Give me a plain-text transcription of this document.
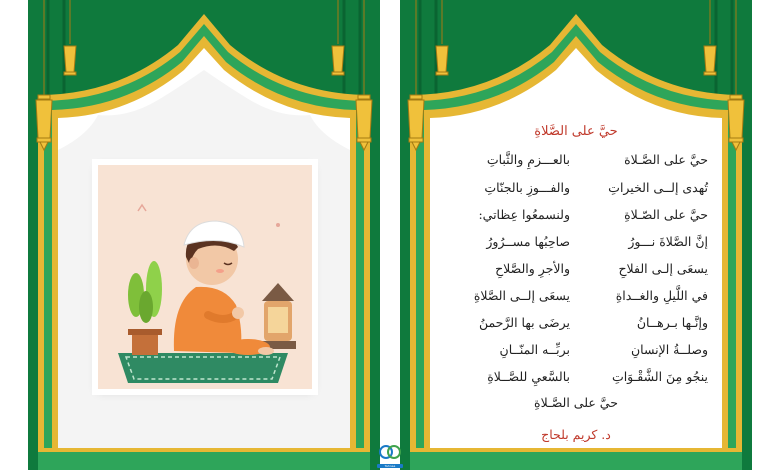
حيَّ على الصَّلاةِ
حيَّ على الصَّـلاة
بالعـــزمِ والثَّباتِ
تُهدى إلــى الخيراتِ
والفـــوزِ بالجنّاتِ
حيَّ على الصّـلاةِ
ولنسمعُوا عِظاتي:
إنَّ الصَّلاةَ نـــورُ
صاحِبُها مســرُورُ
يسعَى إلـى الفلاحِ
والأجرِ والصَّلاحِ
في اللَّيلِ والغــداةِ
يسعَى إلــى الصَّلاةِ
وإنَّـها بـرهــانُ
يرضَى بها الرَّحمنُ
وصلــةُ الإنسانِ
بربِّــه المنّــانِ
ينجُو مِنَ الشَّقْـوَاتِ
بالسَّعيِ للصَّــلاةِ
حيَّ على الصَّـلاةِ
د. كريم بلحاج
Tahnaa
